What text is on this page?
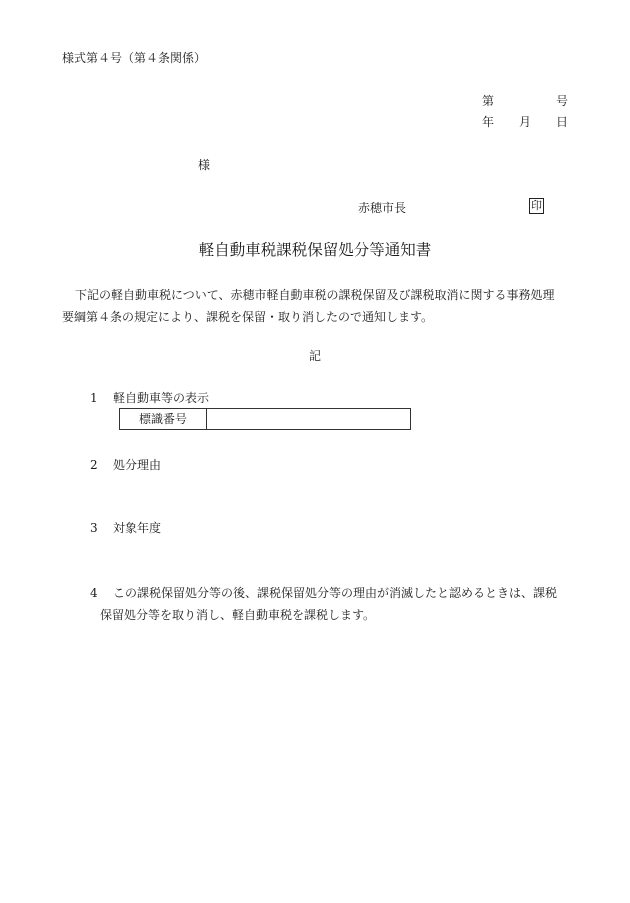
様式第４号（第４条関係）
第	号
年 月 日
様
赤穂市長	印
軽自動車税課税保留処分等通知書

下記の軽自動車税について、赤穂市軽自動車税の課税保留及び課税取消に関する事務処理

要綱第４条の規定により、課税を保留・取り消したので通知します。

記
1 軽自動車等の表示
標識番号
2 処分理由
3 対象年度
4 この課税保留処分等の後、課税保留処分等の理由が消滅したと認めるときは、課税

保留処分等を取り消し、軽自動車税を課税します。
